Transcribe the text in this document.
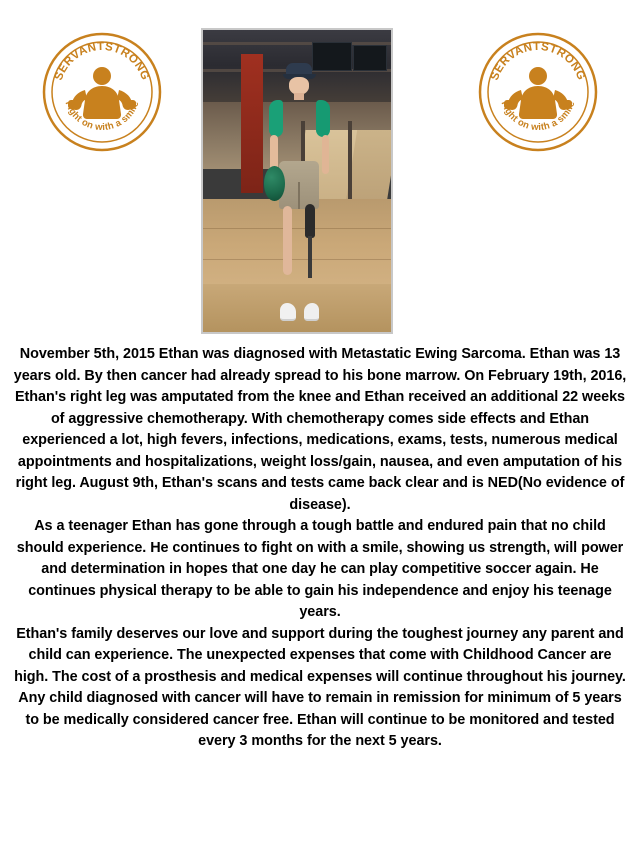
SERVANTSTRONG
Fight on with a smile
SERVANTSTRONG
Fight on with a smile

November 5th, 2015 Ethan was diagnosed with Metastatic Ewing Sarcoma. Ethan was 13 years old. By then cancer had already spread to his bone marrow. On February 19th, 2016, Ethan's right leg was amputated from the knee and Ethan received an additional 22 weeks of aggressive chemotherapy. With chemotherapy comes side effects and Ethan experienced a lot, high fevers, infections, medications, exams, tests, numerous medical appointments and hospitalizations, weight loss/gain, nausea, and even amputation of his right leg. August 9th, Ethan's scans and tests came back clear and is NED(No evidence of disease).

As a teenager Ethan has gone through a tough battle and endured pain that no child should experience. He continues to fight on with a smile, showing us strength, will power and determination in hopes that one day he can play competitive soccer again. He continues physical therapy to be able to gain his independence and enjoy his teenage years.

Ethan's family deserves our love and support during the toughest journey any parent and child can experience. The unexpected expenses that come with Childhood Cancer are high. The cost of a prosthesis and medical expenses will continue throughout his journey. Any child diagnosed with cancer will have to remain in remission for minimum of 5 years to be medically considered cancer free. Ethan will continue to be monitored and tested every 3 months for the next 5 years.
